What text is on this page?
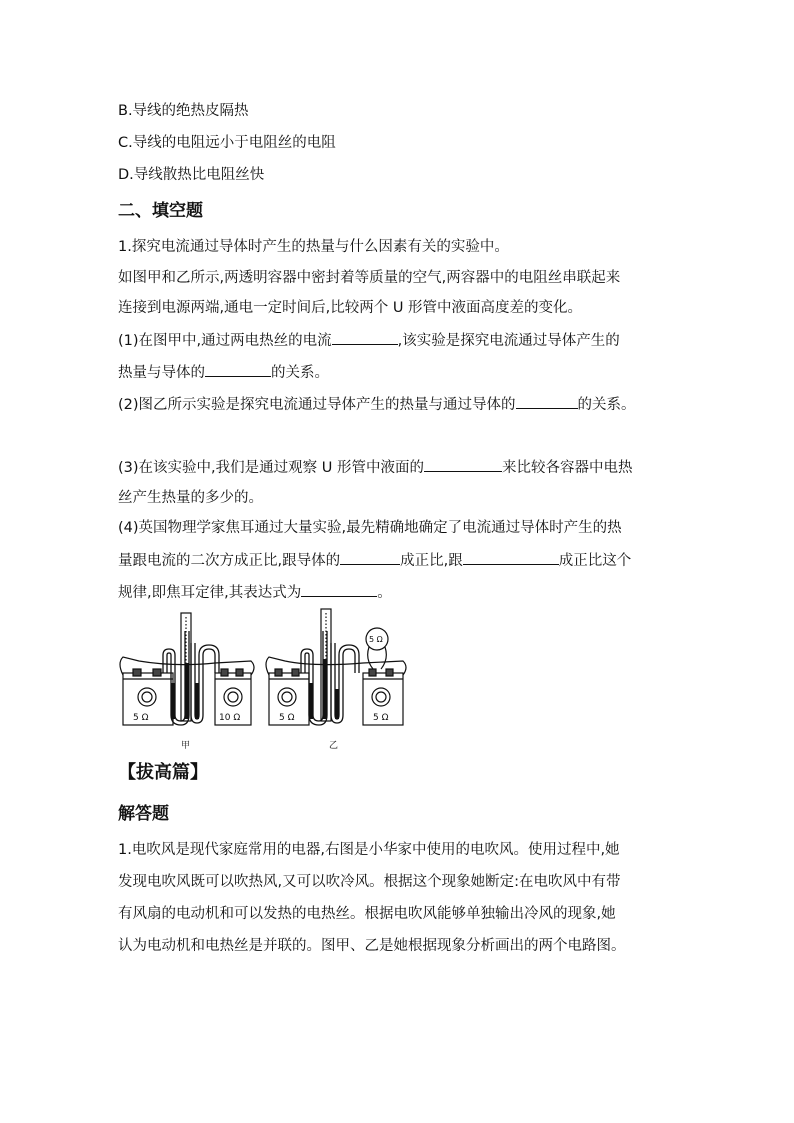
B.导线的绝热皮隔热
C.导线的电阻远小于电阻丝的电阻
D.导线散热比电阻丝快
二、填空题
1.探究电流通过导体时产生的热量与什么因素有关的实验中。
如图甲和乙所示,两透明容器中密封着等质量的空气,两容器中的电阻丝串联起来
连接到电源两端,通电一定时间后,比较两个 U 形管中液面高度差的变化。
(1)在图甲中,通过两电热丝的电流	,该实验是探究电流通过导体产生的
热量与导体的	的关系。
(2)图乙所示实验是探究电流通过导体产生的热量与通过导体的	的关系。
(3)在该实验中,我们是通过观察 U 形管中液面的	来比较各容器中电热
丝产生热量的多少的。
(4)英国物理学家焦耳通过大量实验,最先精确地确定了电流通过导体时产生的热
量跟电流的二次方成正比,跟导体的	成正比,跟	成正比这个
规律,即焦耳定律,其表达式为	。
5 Ω	10 Ω
甲
5 Ω	5 Ω
5 Ω
乙
【拔高篇】
解答题
1.电吹风是现代家庭常用的电器,右图是小华家中使用的电吹风。使用过程中,她
发现电吹风既可以吹热风,又可以吹冷风。根据这个现象她断定:在电吹风中有带
有风扇的电动机和可以发热的电热丝。根据电吹风能够单独输出冷风的现象,她
认为电动机和电热丝是并联的。图甲、乙是她根据现象分析画出的两个电路图。
